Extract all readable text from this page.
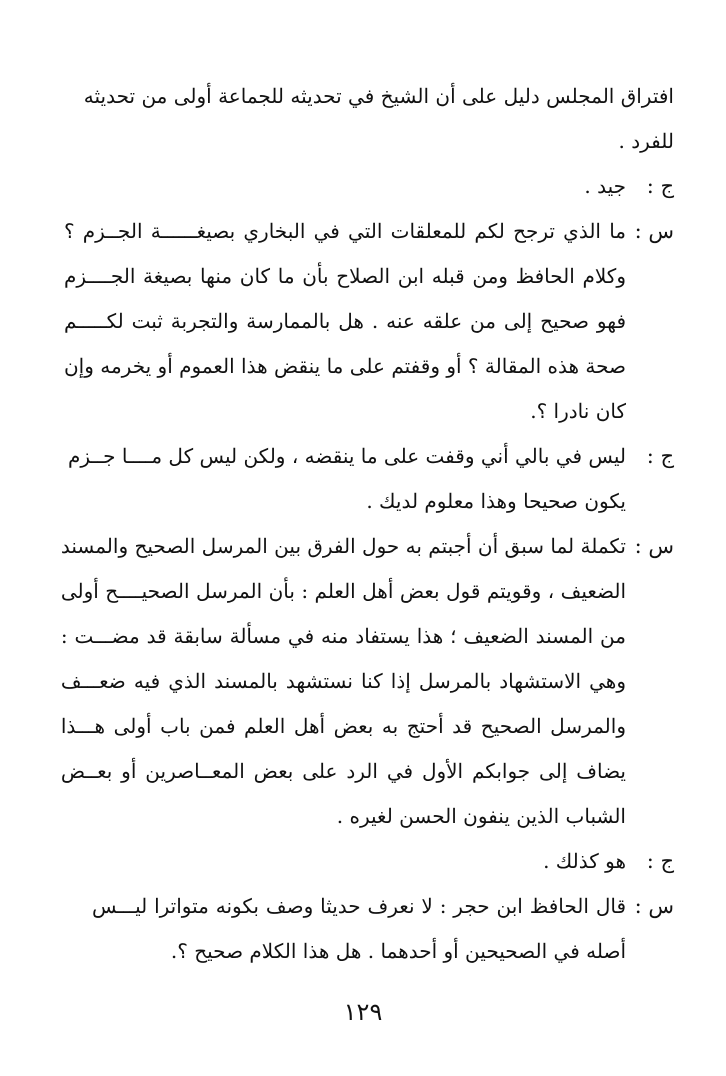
افتراق المجلس دليل على أن الشيخ في تحديثه للجماعة أولى من تحديثه
للفرد .
ج :
جيد .
س :
ما الذي ترجح لكم للمعلقات التي في البخاري بصيغــــــة الجــزم ؟
وكلام الحافظ ومن قبله ابن الصلاح بأن ما كان منها بصيغة الجــــزم
فهو صحيح إلى من علقه عنه . هل بالممارسة والتجربة ثبت لكـــــم
صحة هذه المقالة ؟ أو وقفتم على ما ينقض هذا العموم أو يخرمه وإن
كان نادرا ؟.
ج :
ليس في بالي أني وقفت على ما ينقضه ، ولكن ليس كل مــــا جــزم
يكون صحيحا وهذا معلوم لديك .
س :
تكملة لما سبق أن أجبتم به حول الفرق بين المرسل الصحيح والمسند
الضعيف ، وقويتم قول بعض أهل العلم : بأن المرسل الصحيــــح أولى
من المسند الضعيف ؛ هذا يستفاد منه في مسألة سابقة قد مضـــت :
وهي الاستشهاد بالمرسل إذا كنا نستشهد بالمسند الذي فيه ضعـــف
والمرسل الصحيح قد أحتج به بعض أهل العلم فمن باب أولى هـــذا
يضاف إلى جوابكم الأول في الرد على بعض المعــاصرين أو بعــض
الشباب الذين ينفون الحسن لغيره .
ج :
هو كذلك .
س :
قال الحافظ ابن حجر : لا نعرف حديثا وصف بكونه متواترا ليـــس
أصله في الصحيحين أو أحدهما . هل هذا الكلام صحيح ؟.
١٢٩
